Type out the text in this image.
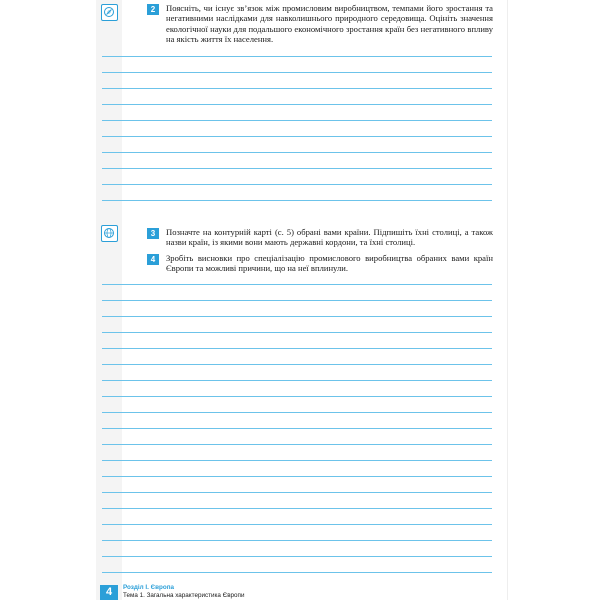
2	Поясніть, чи існує зв’язок між промисловим виробництвом, темпами його зростання та негативними наслідками для навколишнього природного середовища. Оцініть значення екологічної науки для подальшого економічного зростання країн без негативного впливу на якість життя їх населення.
3	Позначте на контурній карті (с. 5) обрані вами країни. Підпишіть їхні столиці, а також назви країн, із якими вони мають державні кордони, та їхні столиці.
4	Зробіть висновки про спеціалізацію промислового виробництва обраних вами країн Європи та можливі причини, що на неї вплинули.
4	Розділ І. Європа
Тема 1. Загальна характеристика Європи
